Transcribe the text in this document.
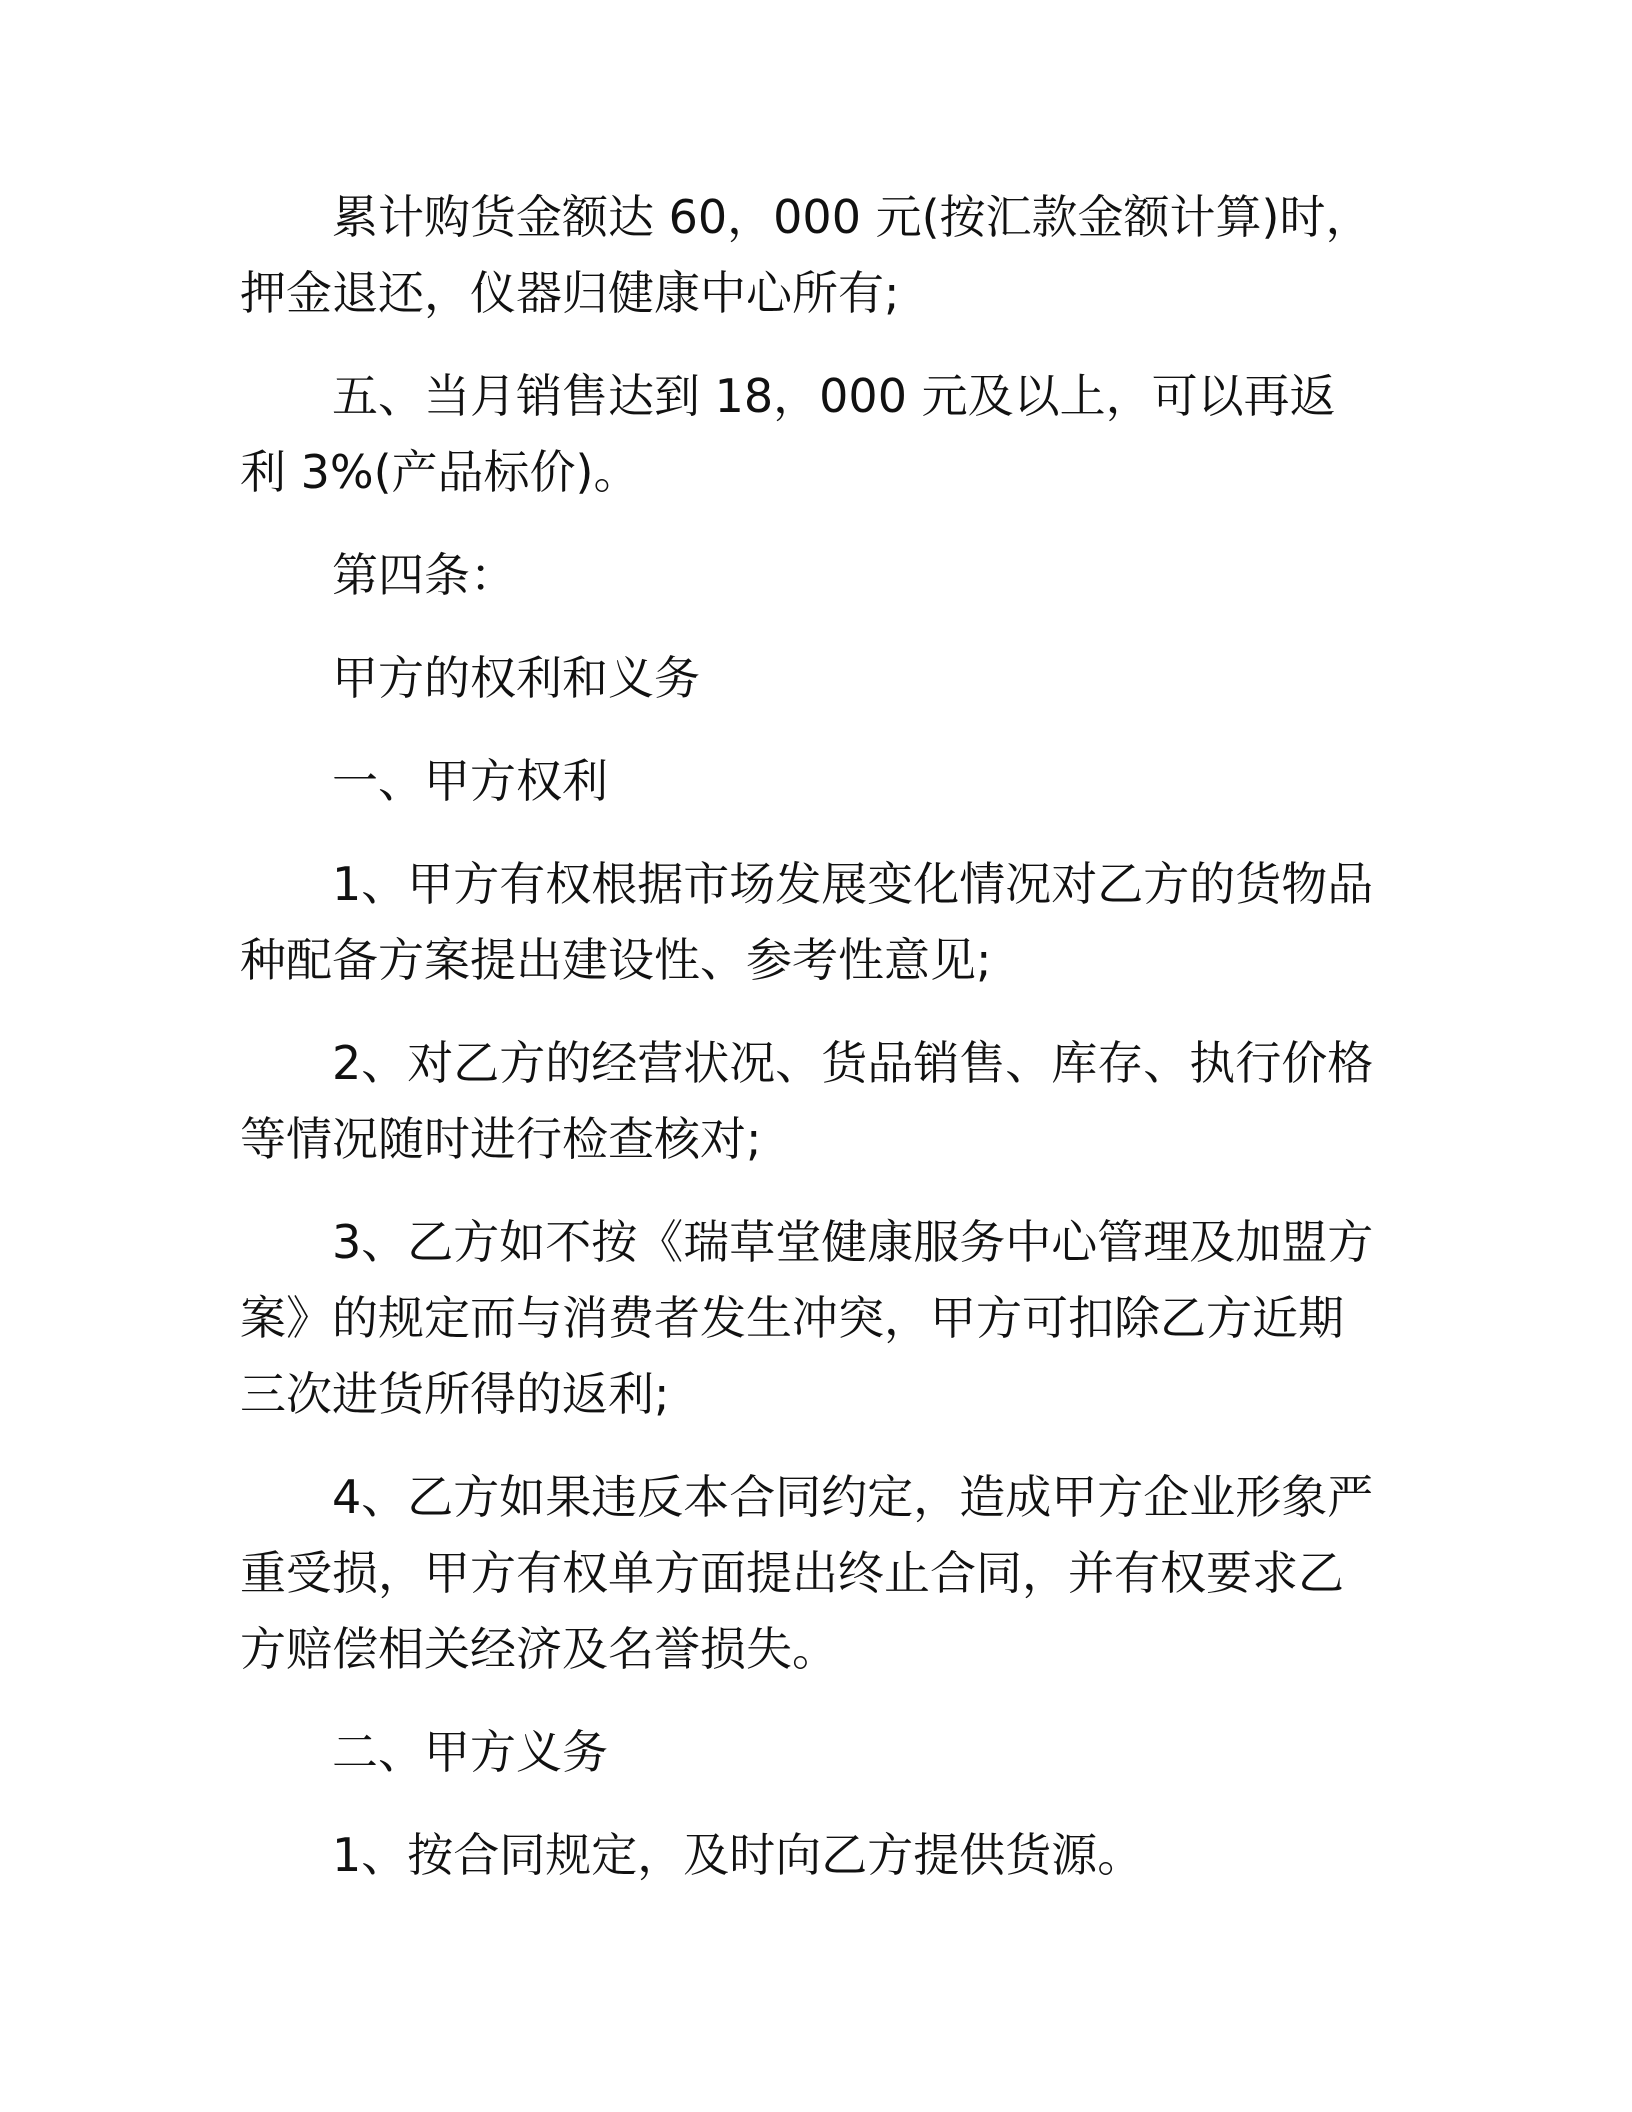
累计购货金额达 60，000 元(按汇款金额计算)时，押金退还，仪器归健康中心所有;

五、当月销售达到 18，000 元及以上，可以再返利 3%(产品标价)。

第四条：

甲方的权利和义务

一、甲方权利

1、甲方有权根据市场发展变化情况对乙方的货物品种配备方案提出建设性、参考性意见;

2、对乙方的经营状况、货品销售、库存、执行价格等情况随时进行检查核对;

3、乙方如不按《瑞草堂健康服务中心管理及加盟方案》的规定而与消费者发生冲突，甲方可扣除乙方近期三次进货所得的返利;

4、乙方如果违反本合同约定，造成甲方企业形象严重受损，甲方有权单方面提出终止合同，并有权要求乙方赔偿相关经济及名誉损失。

二、甲方义务

1、按合同规定，及时向乙方提供货源。
